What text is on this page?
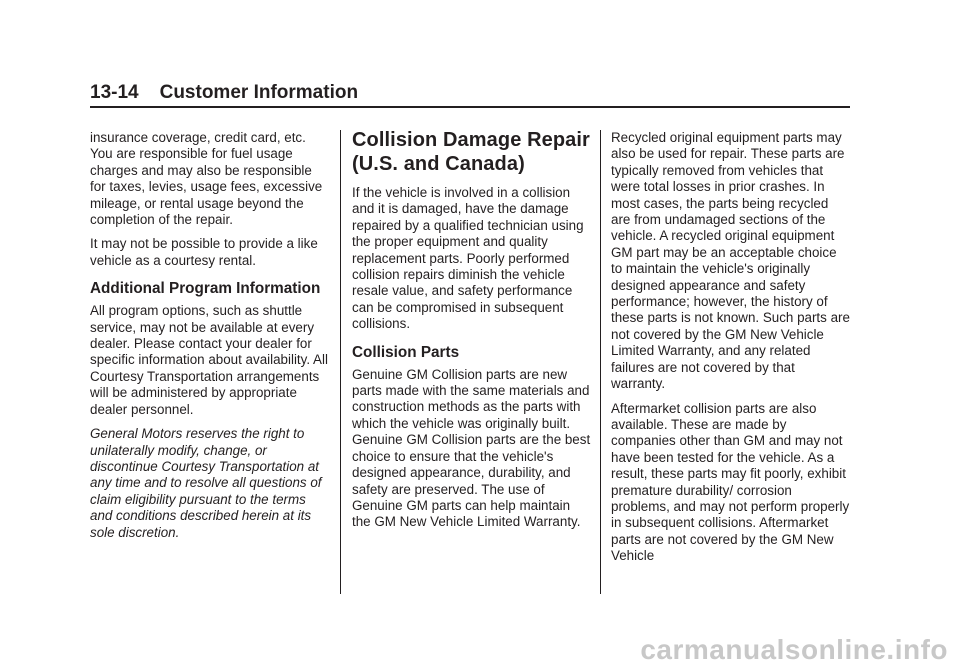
13-14 Customer Information

insurance coverage, credit card, etc. You are responsible for fuel usage charges and may also be responsible for taxes, levies, usage fees, excessive mileage, or rental usage beyond the completion of the repair.

It may not be possible to provide a like vehicle as a courtesy rental.

Additional Program Information

All program options, such as shuttle service, may not be available at every dealer. Please contact your dealer for specific information about availability. All Courtesy Transportation arrangements will be administered by appropriate dealer personnel.

General Motors reserves the right to unilaterally modify, change, or discontinue Courtesy Transportation at any time and to resolve all questions of claim eligibility pursuant to the terms and conditions described herein at its sole discretion.

Collision Damage Repair (U.S. and Canada)

If the vehicle is involved in a collision and it is damaged, have the damage repaired by a qualified technician using the proper equipment and quality replacement parts. Poorly performed collision repairs diminish the vehicle resale value, and safety performance can be compromised in subsequent collisions.

Collision Parts

Genuine GM Collision parts are new parts made with the same materials and construction methods as the parts with which the vehicle was originally built. Genuine GM Collision parts are the best choice to ensure that the vehicle's designed appearance, durability, and safety are preserved. The use of Genuine GM parts can help maintain the GM New Vehicle Limited Warranty.

Recycled original equipment parts may also be used for repair. These parts are typically removed from vehicles that were total losses in prior crashes. In most cases, the parts being recycled are from undamaged sections of the vehicle. A recycled original equipment GM part may be an acceptable choice to maintain the vehicle's originally designed appearance and safety performance; however, the history of these parts is not known. Such parts are not covered by the GM New Vehicle Limited Warranty, and any related failures are not covered by that warranty.

Aftermarket collision parts are also available. These are made by companies other than GM and may not have been tested for the vehicle. As a result, these parts may fit poorly, exhibit premature durability/ corrosion problems, and may not perform properly in subsequent collisions. Aftermarket parts are not covered by the GM New Vehicle

carmanualsonline.info
